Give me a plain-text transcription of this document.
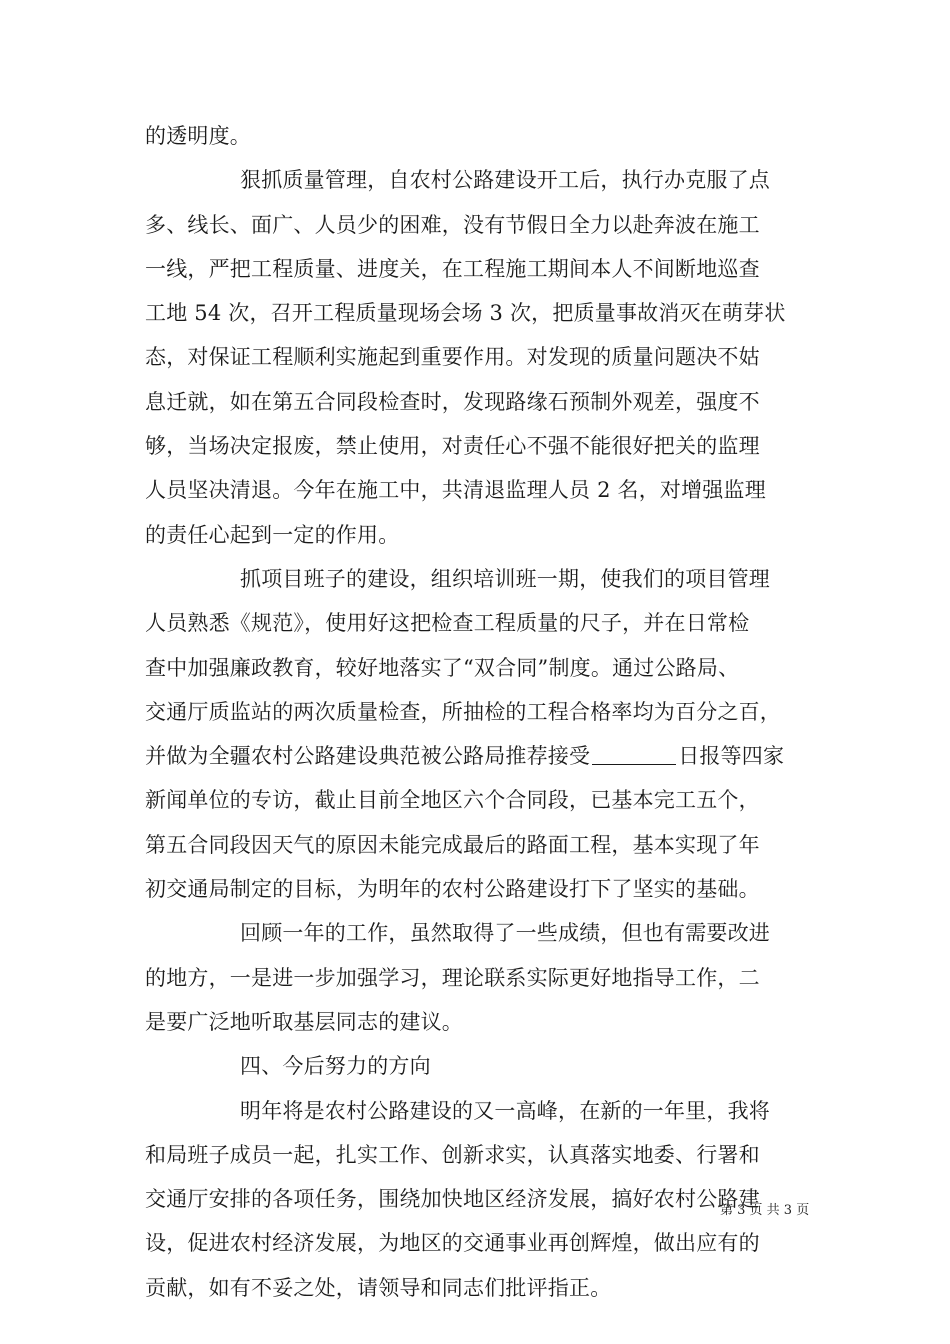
的透明度。
狠抓质量管理，自农村公路建设开工后，执行办克服了点
多、线长、面广、人员少的困难，没有节假日全力以赴奔波在施工
一线，严把工程质量、进度关，在工程施工期间本人不间断地巡查
工地 54 次，召开工程质量现场会场 3 次，把质量事故消灭在萌芽状
态，对保证工程顺利实施起到重要作用。对发现的质量问题决不姑
息迁就，如在第五合同段检查时，发现路缘石预制外观差，强度不
够，当场决定报废，禁止使用，对责任心不强不能很好把关的监理
人员坚决清退。今年在施工中，共清退监理人员 2 名，对增强监理
的责任心起到一定的作用。
抓项目班子的建设，组织培训班一期，使我们的项目管理
人员熟悉《规范》，使用好这把检查工程质量的尺子，并在日常检
查中加强廉政教育，较好地落实了“双合同”制度。通过公路局、
交通厅质监站的两次质量检查，所抽检的工程合格率均为百分之百，
并做为全疆农村公路建设典范被公路局推荐接受	日报等四家
新闻单位的专访，截止目前全地区六个合同段，已基本完工五个，
第五合同段因天气的原因未能完成最后的路面工程，基本实现了年
初交通局制定的目标，为明年的农村公路建设打下了坚实的基础。
回顾一年的工作，虽然取得了一些成绩，但也有需要改进
的地方，一是进一步加强学习，理论联系实际更好地指导工作，二
是要广泛地听取基层同志的建议。
四、今后努力的方向
明年将是农村公路建设的又一高峰，在新的一年里，我将
和局班子成员一起，扎实工作、创新求实，认真落实地委、行署和
交通厅安排的各项任务，围绕加快地区经济发展，搞好农村公路建
设，促进农村经济发展，为地区的交通事业再创辉煌，做出应有的
贡献，如有不妥之处，请领导和同志们批评指正。
第 3 页 共 3 页
